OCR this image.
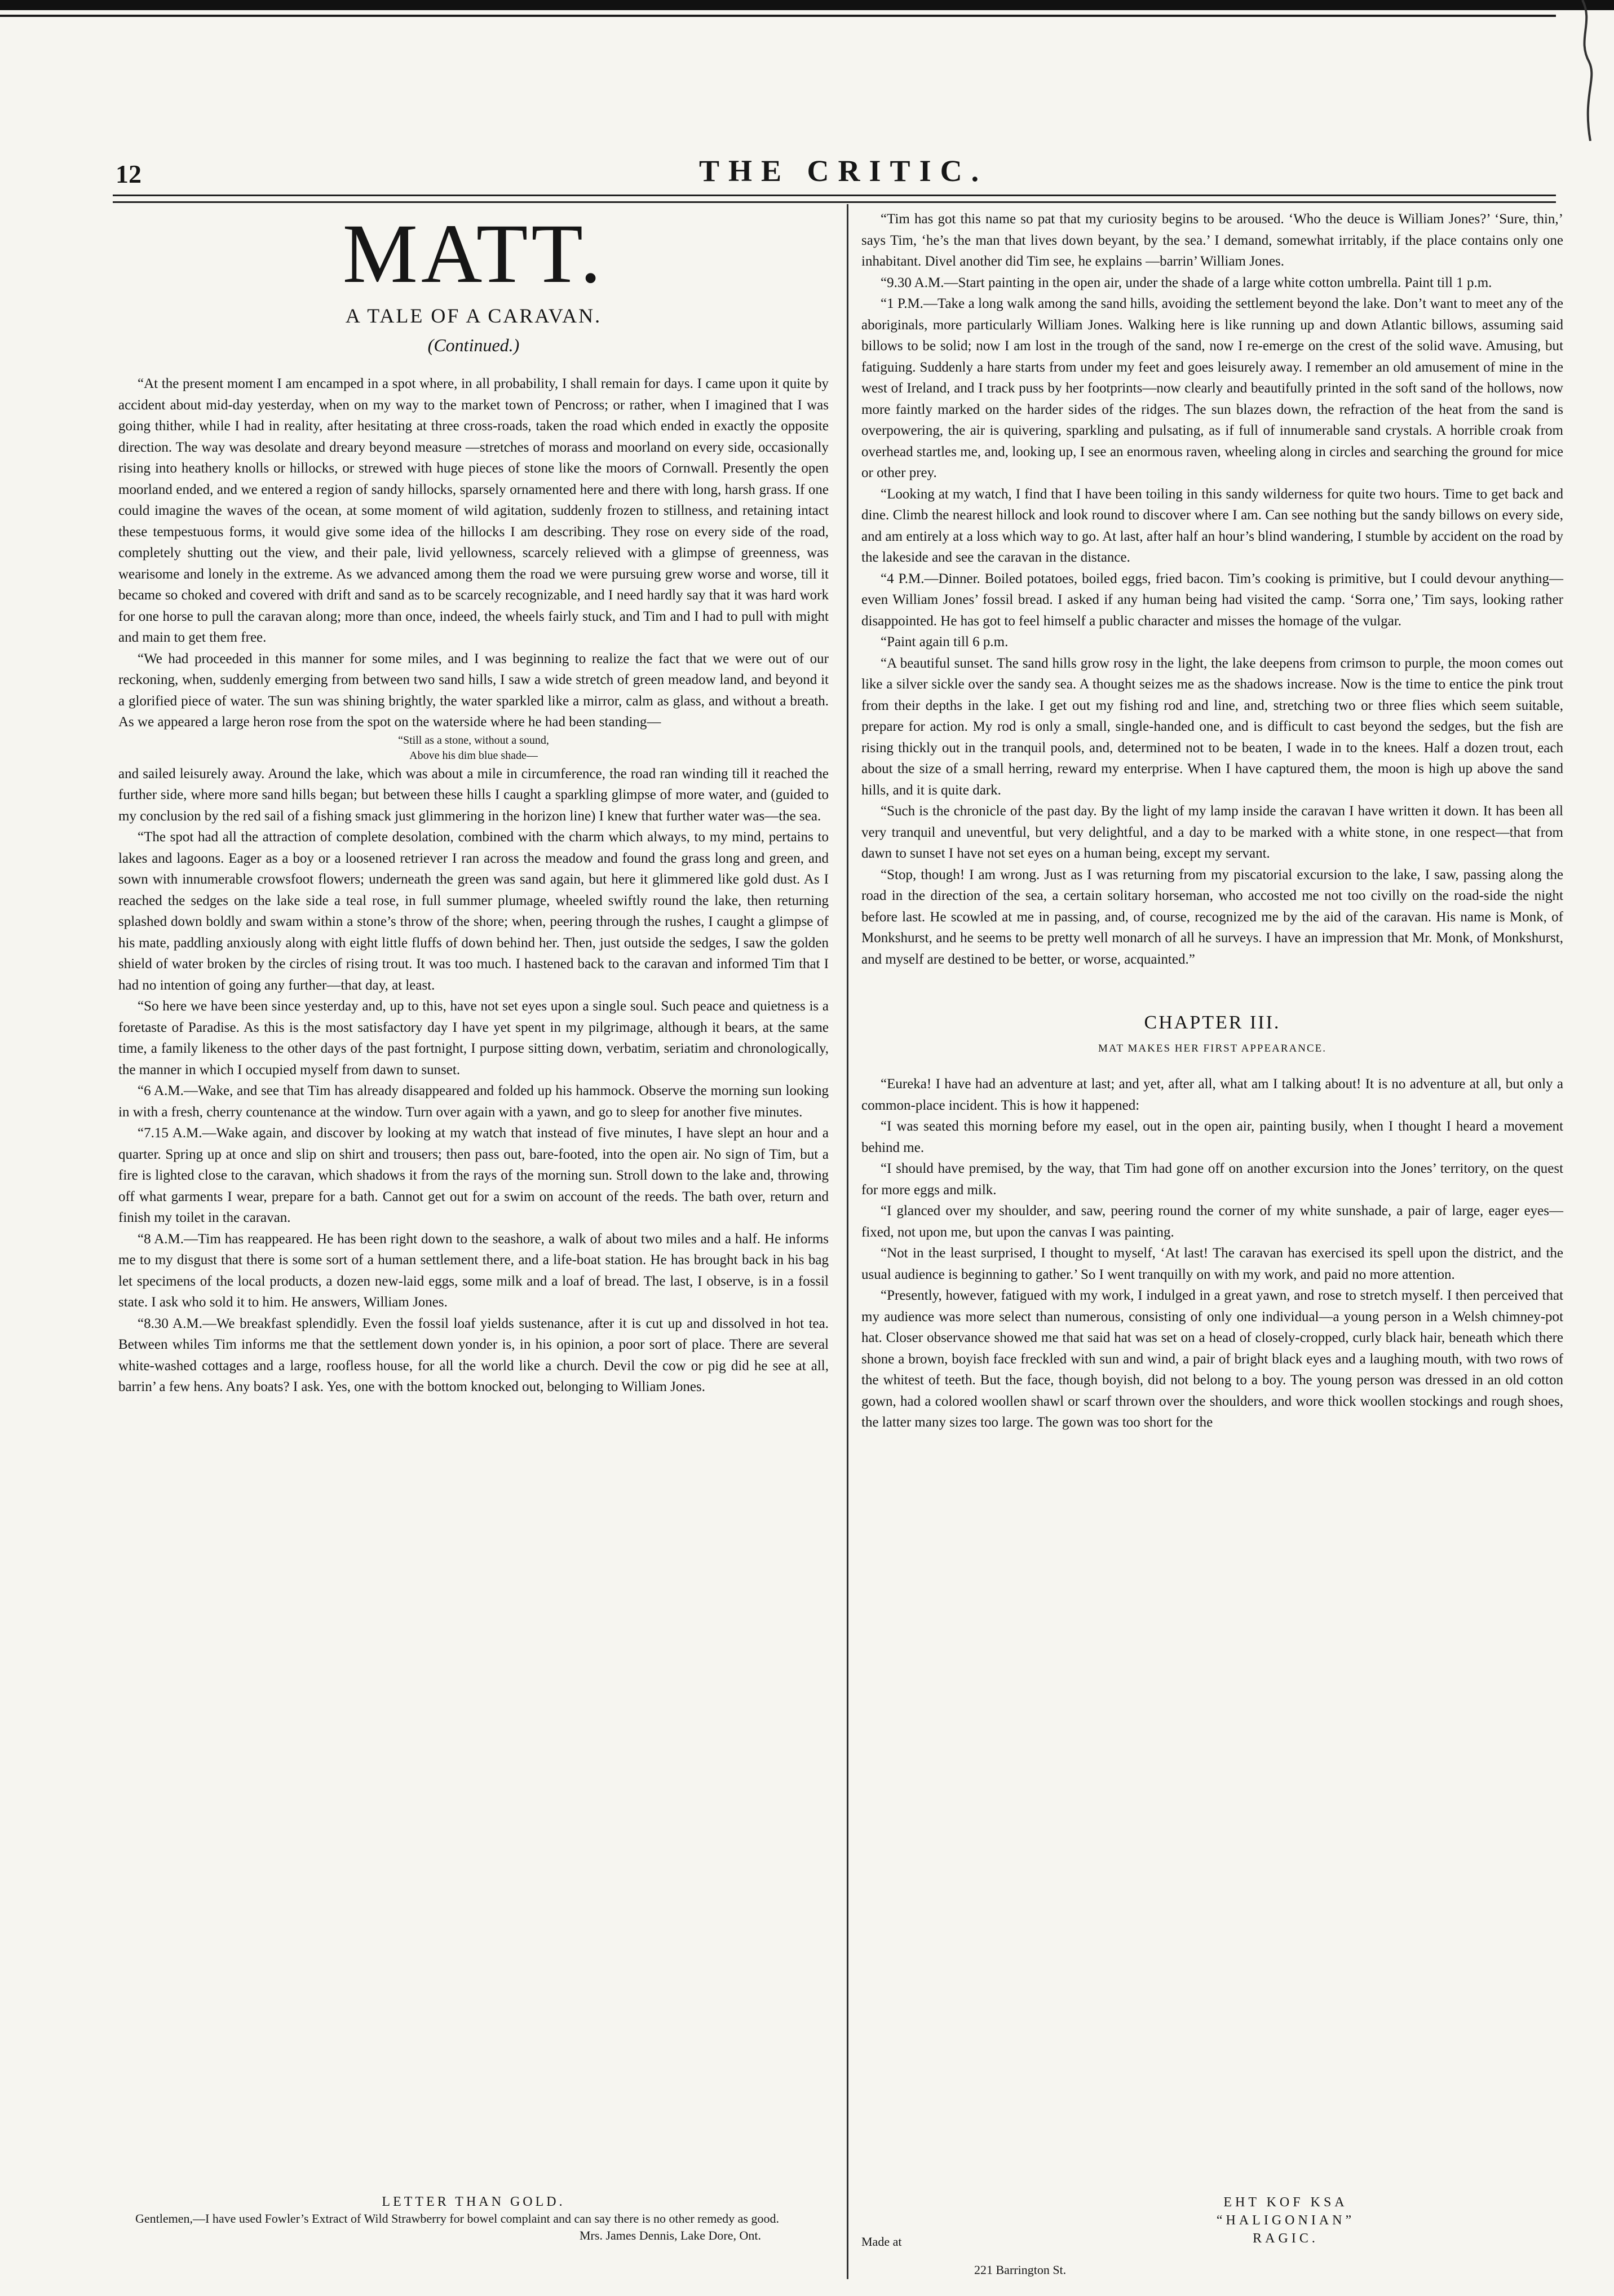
12	THE CRITIC.
MATT.
A TALE OF A CARAVAN.
(Continued.)

“At the present moment I am encamped in a spot where, in all probability, I shall remain for days. I came upon it quite by accident about mid-day yesterday, when on my way to the market town of Pencross; or rather, when I imagined that I was going thither, while I had in reality, after hesitating at three cross-roads, taken the road which ended in exactly the opposite direction. The way was desolate and dreary beyond measure —stretches of morass and moorland on every side, occasionally rising into heathery knolls or hillocks, or strewed with huge pieces of stone like the moors of Cornwall. Presently the open moorland ended, and we entered a region of sandy hillocks, sparsely ornamented here and there with long, harsh grass. If one could imagine the waves of the ocean, at some moment of wild agitation, suddenly frozen to stillness, and retaining intact these tempestuous forms, it would give some idea of the hillocks I am describing. They rose on every side of the road, completely shutting out the view, and their pale, livid yellowness, scarcely relieved with a glimpse of greenness, was wearisome and lonely in the extreme. As we advanced among them the road we were pursuing grew worse and worse, till it became so choked and covered with drift and sand as to be scarcely recognizable, and I need hardly say that it was hard work for one horse to pull the caravan along; more than once, indeed, the wheels fairly stuck, and Tim and I had to pull with might and main to get them free.

“We had proceeded in this manner for some miles, and I was beginning to realize the fact that we were out of our reckoning, when, suddenly emerging from between two sand hills, I saw a wide stretch of green meadow land, and beyond it a glorified piece of water. The sun was shining brightly, the water sparkled like a mirror, calm as glass, and without a breath. As we appeared a large heron rose from the spot on the waterside where he had been standing—

“Still as a stone, without a sound,
Above his dim blue shade—

and sailed leisurely away. Around the lake, which was about a mile in circumference, the road ran winding till it reached the further side, where more sand hills began; but between these hills I caught a sparkling glimpse of more water, and (guided to my conclusion by the red sail of a fishing smack just glimmering in the horizon line) I knew that further water was—the sea.

“The spot had all the attraction of complete desolation, combined with the charm which always, to my mind, pertains to lakes and lagoons. Eager as a boy or a loosened retriever I ran across the meadow and found the grass long and green, and sown with innumerable crowsfoot flowers; underneath the green was sand again, but here it glimmered like gold dust. As I reached the sedges on the lake side a teal rose, in full summer plumage, wheeled swiftly round the lake, then returning splashed down boldly and swam within a stone’s throw of the shore; when, peering through the rushes, I caught a glimpse of his mate, paddling anxiously along with eight little fluffs of down behind her. Then, just outside the sedges, I saw the golden shield of water broken by the circles of rising trout. It was too much. I hastened back to the caravan and informed Tim that I had no intention of going any further—that day, at least.

“So here we have been since yesterday and, up to this, have not set eyes upon a single soul. Such peace and quietness is a foretaste of Paradise. As this is the most satisfactory day I have yet spent in my pilgrimage, although it bears, at the same time, a family likeness to the other days of the past fortnight, I purpose sitting down, verbatim, seriatim and chronologically, the manner in which I occupied myself from dawn to sunset.

“6 A.M.—Wake, and see that Tim has already disappeared and folded up his hammock. Observe the morning sun looking in with a fresh, cherry countenance at the window. Turn over again with a yawn, and go to sleep for another five minutes.

“7.15 A.M.—Wake again, and discover by looking at my watch that instead of five minutes, I have slept an hour and a quarter. Spring up at once and slip on shirt and trousers; then pass out, bare-footed, into the open air. No sign of Tim, but a fire is lighted close to the caravan, which shadows it from the rays of the morning sun. Stroll down to the lake and, throwing off what garments I wear, prepare for a bath. Cannot get out for a swim on account of the reeds. The bath over, return and finish my toilet in the caravan.

“8 A.M.—Tim has reappeared. He has been right down to the seashore, a walk of about two miles and a half. He informs me to my disgust that there is some sort of a human settlement there, and a life-boat station. He has brought back in his bag let specimens of the local products, a dozen new-laid eggs, some milk and a loaf of bread. The last, I observe, is in a fossil state. I ask who sold it to him. He answers, William Jones.

“8.30 A.M.—We breakfast splendidly. Even the fossil loaf yields sustenance, after it is cut up and dissolved in hot tea. Between whiles Tim informs me that the settlement down yonder is, in his opinion, a poor sort of place. There are several white-washed cottages and a large, roofless house, for all the world like a church. Devil the cow or pig did he see at all, barrin’ a few hens. Any boats? I ask. Yes, one with the bottom knocked out, belonging to William Jones.

“Tim has got this name so pat that my curiosity begins to be aroused. ‘Who the deuce is William Jones?’ ‘Sure, thin,’ says Tim, ‘he’s the man that lives down beyant, by the sea.’ I demand, somewhat irritably, if the place contains only one inhabitant. Divel another did Tim see, he explains —barrin’ William Jones.

“9.30 A.M.—Start painting in the open air, under the shade of a large white cotton umbrella. Paint till 1 p.m.

“1 P.M.—Take a long walk among the sand hills, avoiding the settlement beyond the lake. Don’t want to meet any of the aboriginals, more particularly William Jones. Walking here is like running up and down Atlantic billows, assuming said billows to be solid; now I am lost in the trough of the sand, now I re-emerge on the crest of the solid wave. Amusing, but fatiguing. Suddenly a hare starts from under my feet and goes leisurely away. I remember an old amusement of mine in the west of Ireland, and I track puss by her footprints—now clearly and beautifully printed in the soft sand of the hollows, now more faintly marked on the harder sides of the ridges. The sun blazes down, the refraction of the heat from the sand is overpowering, the air is quivering, sparkling and pulsating, as if full of innumerable sand crystals. A horrible croak from overhead startles me, and, looking up, I see an enormous raven, wheeling along in circles and searching the ground for mice or other prey.

“Looking at my watch, I find that I have been toiling in this sandy wilderness for quite two hours. Time to get back and dine. Climb the nearest hillock and look round to discover where I am. Can see nothing but the sandy billows on every side, and am entirely at a loss which way to go. At last, after half an hour’s blind wandering, I stumble by accident on the road by the lakeside and see the caravan in the distance.

“4 P.M.—Dinner. Boiled potatoes, boiled eggs, fried bacon. Tim’s cooking is primitive, but I could devour anything—even William Jones’ fossil bread. I asked if any human being had visited the camp. ‘Sorra one,’ Tim says, looking rather disappointed. He has got to feel himself a public character and misses the homage of the vulgar.

“Paint again till 6 p.m.

“A beautiful sunset. The sand hills grow rosy in the light, the lake deepens from crimson to purple, the moon comes out like a silver sickle over the sandy sea. A thought seizes me as the shadows increase. Now is the time to entice the pink trout from their depths in the lake. I get out my fishing rod and line, and, stretching two or three flies which seem suitable, prepare for action. My rod is only a small, single-handed one, and is difficult to cast beyond the sedges, but the fish are rising thickly out in the tranquil pools, and, determined not to be beaten, I wade in to the knees. Half a dozen trout, each about the size of a small herring, reward my enterprise. When I have captured them, the moon is high up above the sand hills, and it is quite dark.

“Such is the chronicle of the past day. By the light of my lamp inside the caravan I have written it down. It has been all very tranquil and uneventful, but very delightful, and a day to be marked with a white stone, in one respect—that from dawn to sunset I have not set eyes on a human being, except my servant.

“Stop, though! I am wrong. Just as I was returning from my piscatorial excursion to the lake, I saw, passing along the road in the direction of the sea, a certain solitary horseman, who accosted me not too civilly on the road-side the night before last. He scowled at me in passing, and, of course, recognized me by the aid of the caravan. His name is Monk, of Monkshurst, and he seems to be pretty well monarch of all he surveys. I have an impression that Mr. Monk, of Monkshurst, and myself are destined to be better, or worse, acquainted.”

CHAPTER III.
MAT MAKES HER FIRST APPEARANCE.

“Eureka! I have had an adventure at last; and yet, after all, what am I talking about! It is no adventure at all, but only a common-place incident. This is how it happened:

“I was seated this morning before my easel, out in the open air, painting busily, when I thought I heard a movement behind me.

“I should have premised, by the way, that Tim had gone off on another excursion into the Jones’ territory, on the quest for more eggs and milk.

“I glanced over my shoulder, and saw, peering round the corner of my white sunshade, a pair of large, eager eyes—fixed, not upon me, but upon the canvas I was painting.

“Not in the least surprised, I thought to myself, ‘At last! The caravan has exercised its spell upon the district, and the usual audience is beginning to gather.’ So I went tranquilly on with my work, and paid no more attention.

“Presently, however, fatigued with my work, I indulged in a great yawn, and rose to stretch myself. I then perceived that my audience was more select than numerous, consisting of only one individual—a young person in a Welsh chimney-pot hat. Closer observance showed me that said hat was set on a head of closely-cropped, curly black hair, beneath which there shone a brown, boyish face freckled with sun and wind, a pair of bright black eyes and a laughing mouth, with two rows of the whitest of teeth. But the face, though boyish, did not belong to a boy. The young person was dressed in an old cotton gown, had a colored woollen shawl or scarf thrown over the shoulders, and wore thick woollen stockings and rough shoes, the latter many sizes too large. The gown was too short for the

LETTER THAN GOLD.
Gentlemen,—I have used Fowler’s Extract of Wild Strawberry for bowel complaint and can say there is no other remedy as good.
Mrs. James Dennis, Lake Dore, Ont.
EHT KOF KSA
“HALIGONIAN”
RAGIC.
Made at
221 Barrington St.
